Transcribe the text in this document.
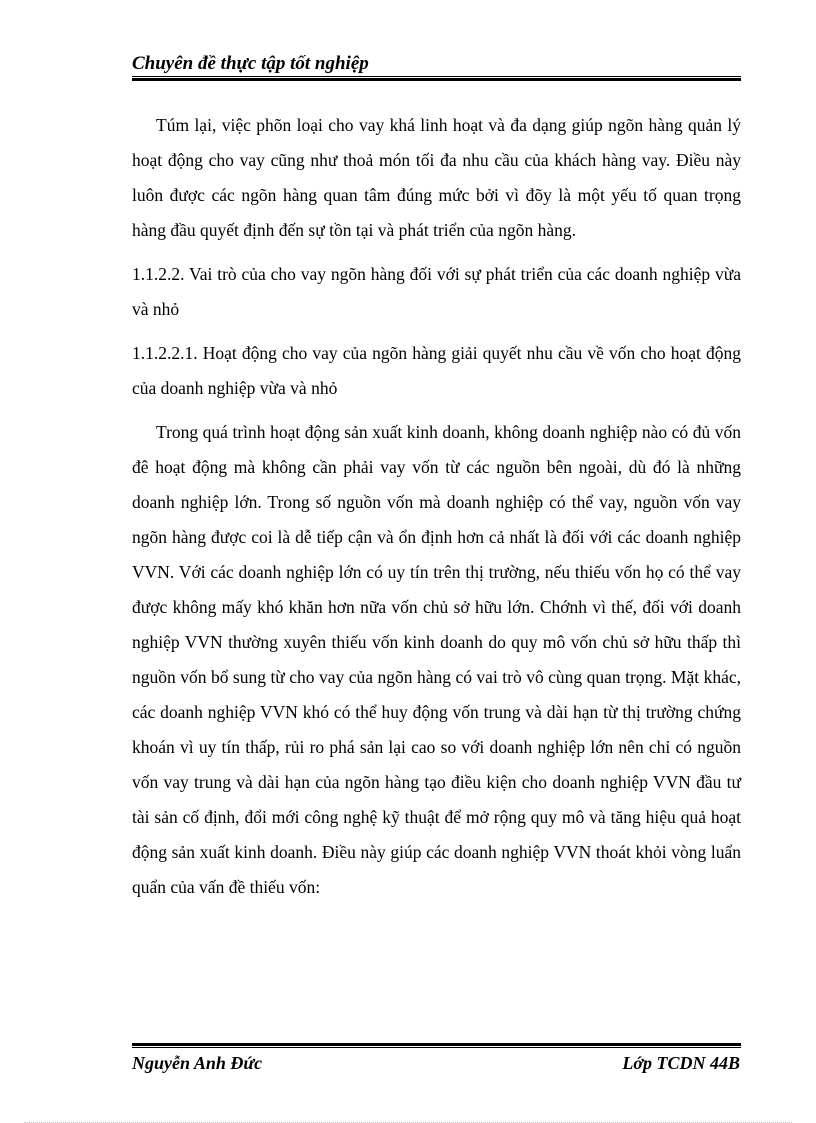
Chuyên đề thực tập tốt nghiệp

Túm lại, việc phõn loại cho vay khá linh hoạt và đa dạng giúp ngõn hàng quản lý hoạt động cho vay cũng như thoả món tối đa nhu cầu của khách hàng vay. Điều này luôn được các ngõn hàng quan tâm đúng mức bởi vì đõy là một yếu tố quan trọng hàng đầu quyết định đến sự tồn tại và phát triển của ngõn hàng.

1.1.2.2. Vai trò của cho vay ngõn hàng đối với sự phát triển của các doanh nghiệp vừa và nhỏ

1.1.2.2.1. Hoạt động cho vay của ngõn hàng giải quyết nhu cầu về vốn cho hoạt động của doanh nghiệp vừa và nhỏ

Trong quá trình hoạt động sản xuất kinh doanh, không doanh nghiệp nào có đủ vốn đê hoạt động mà không cần phải vay vốn từ các nguồn bên ngoài, dù đó là những doanh nghiệp lớn. Trong số nguồn vốn mà doanh nghiệp có thể vay, nguồn vốn vay ngõn hàng được coi là dễ tiếp cận và ổn định hơn cả nhất là đối với các doanh nghiệp VVN. Với các doanh nghiệp lớn có uy tín trên thị trường, nếu thiếu vốn họ có thể vay được không mấy khó khăn hơn nữa vốn chủ sở hữu lớn. Chớnh vì thế, đối với doanh nghiệp VVN thường xuyên thiếu vốn kinh doanh do quy mô vốn chủ sở hữu thấp thì nguồn vốn bổ sung từ cho vay của ngõn hàng có vai trò vô cùng quan trọng. Mặt khác, các doanh nghiệp VVN khó có thể huy động vốn trung và dài hạn từ thị trường chứng khoán vì uy tín thấp, rủi ro phá sản lại cao so với doanh nghiệp lớn nên chỉ có nguồn vốn vay trung và dài hạn của ngõn hàng tạo điều kiện cho doanh nghiệp VVN đầu tư tài sản cố định, đổi mới công nghệ kỹ thuật để mở rộng quy mô và tăng hiệu quả hoạt động sản xuất kinh doanh. Điều này giúp các doanh nghiệp VVN thoát khỏi vòng luẩn quẩn của vấn đề thiếu vốn:

Nguyễn Anh Đức	Lớp TCDN 44B
